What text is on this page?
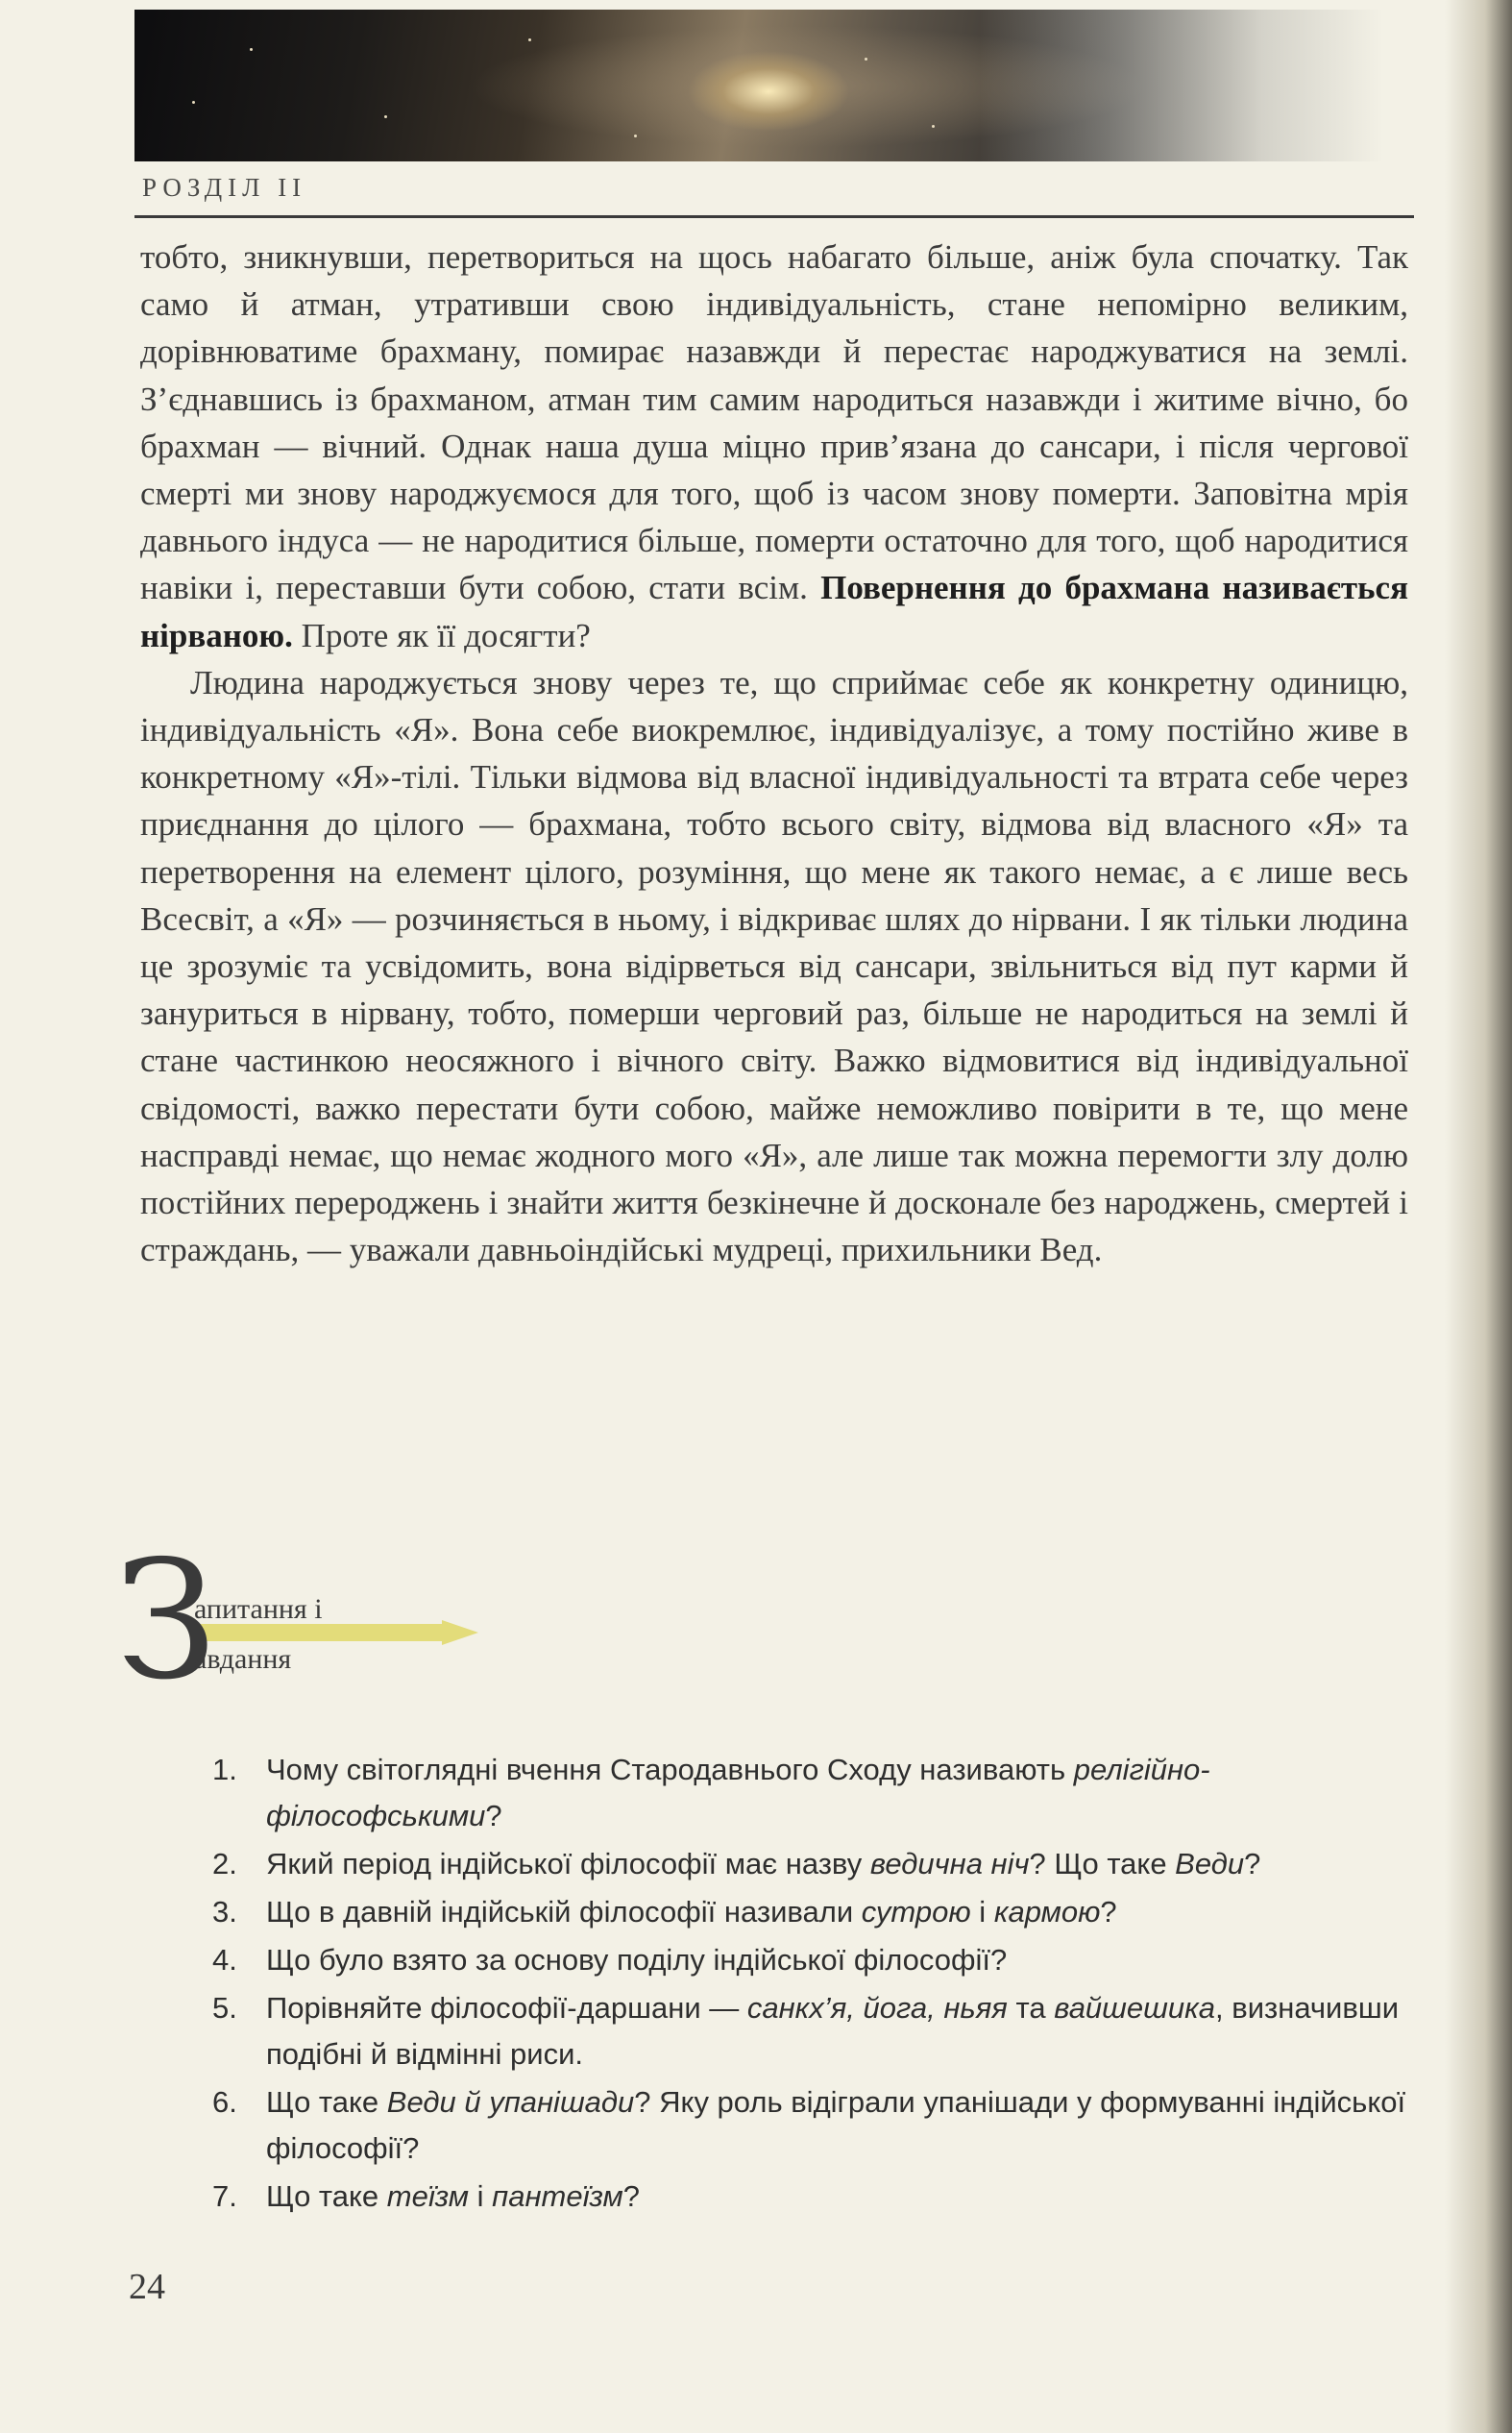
РОЗДІЛ II

тобто, зникнувши, перетвориться на щось набагато більше, аніж була спочатку. Так само й атман, утративши свою індивідуальність, стане непомірно великим, дорівнюватиме брахману, помирає назавжди й перестає народжуватися на землі. З’єднавшись із брахманом, атман тим самим народиться назавжди і житиме вічно, бо брахман — вічний. Однак наша душа міцно прив’язана до сансари, і після чергової смерті ми знову народжуємося для того, щоб із часом знову померти. Заповітна мрія давнього індуса — не народитися більше, померти остаточно для того, щоб народитися навіки і, переставши бути собою, стати всім. Повернення до брахмана називається нірваною. Проте як її досягти?

Людина народжується знову через те, що сприймає себе як конкретну одиницю, індивідуальність «Я». Вона себе виокремлює, індивідуалізує, а тому постійно живе в конкретному «Я»-тілі. Тільки відмова від власної індивідуальності та втрата себе через приєднання до цілого — брахмана, тобто всього світу, відмова від власного «Я» та перетворення на елемент цілого, розуміння, що мене як такого немає, а є лише весь Всесвіт, а «Я» — розчиняється в ньому, і відкриває шлях до нірвани. І як тільки людина це зрозуміє та усвідомить, вона відірветься від сансари, звільниться від пут карми й зануриться в нірвану, тобто, померши черговий раз, більше не народиться на землі й стане частинкою неосяжного і вічного світу. Важко відмовитися від індивідуальної свідомості, важко перестати бути собою, майже неможливо повірити в те, що мене насправді немає, що немає жодного мого «Я», але лише так можна перемогти злу долю постійних перероджень і знайти життя безкінечне й досконале без народжень, смертей і страждань, — уважали давньоіндійські мудреці, прихильники Вед.

З
апитання і
авдання
1. Чому світоглядні вчення Стародавнього Сходу називають релігійно-філософськими?
2. Який період індійської філософії має назву ведична ніч? Що таке Веди?
3. Що в давній індійській філософії називали сутрою і кармою?
4. Що було взято за основу поділу індійської філософії?
5. Порівняйте філософії-даршани — санкх’я, йога, ньяя та вайшешика, визначивши подібні й відмінні риси.
6. Що таке Веди й упанішади? Яку роль відіграли упанішади у формуванні індійської філософії?
7. Що таке теїзм і пантеїзм?
24
